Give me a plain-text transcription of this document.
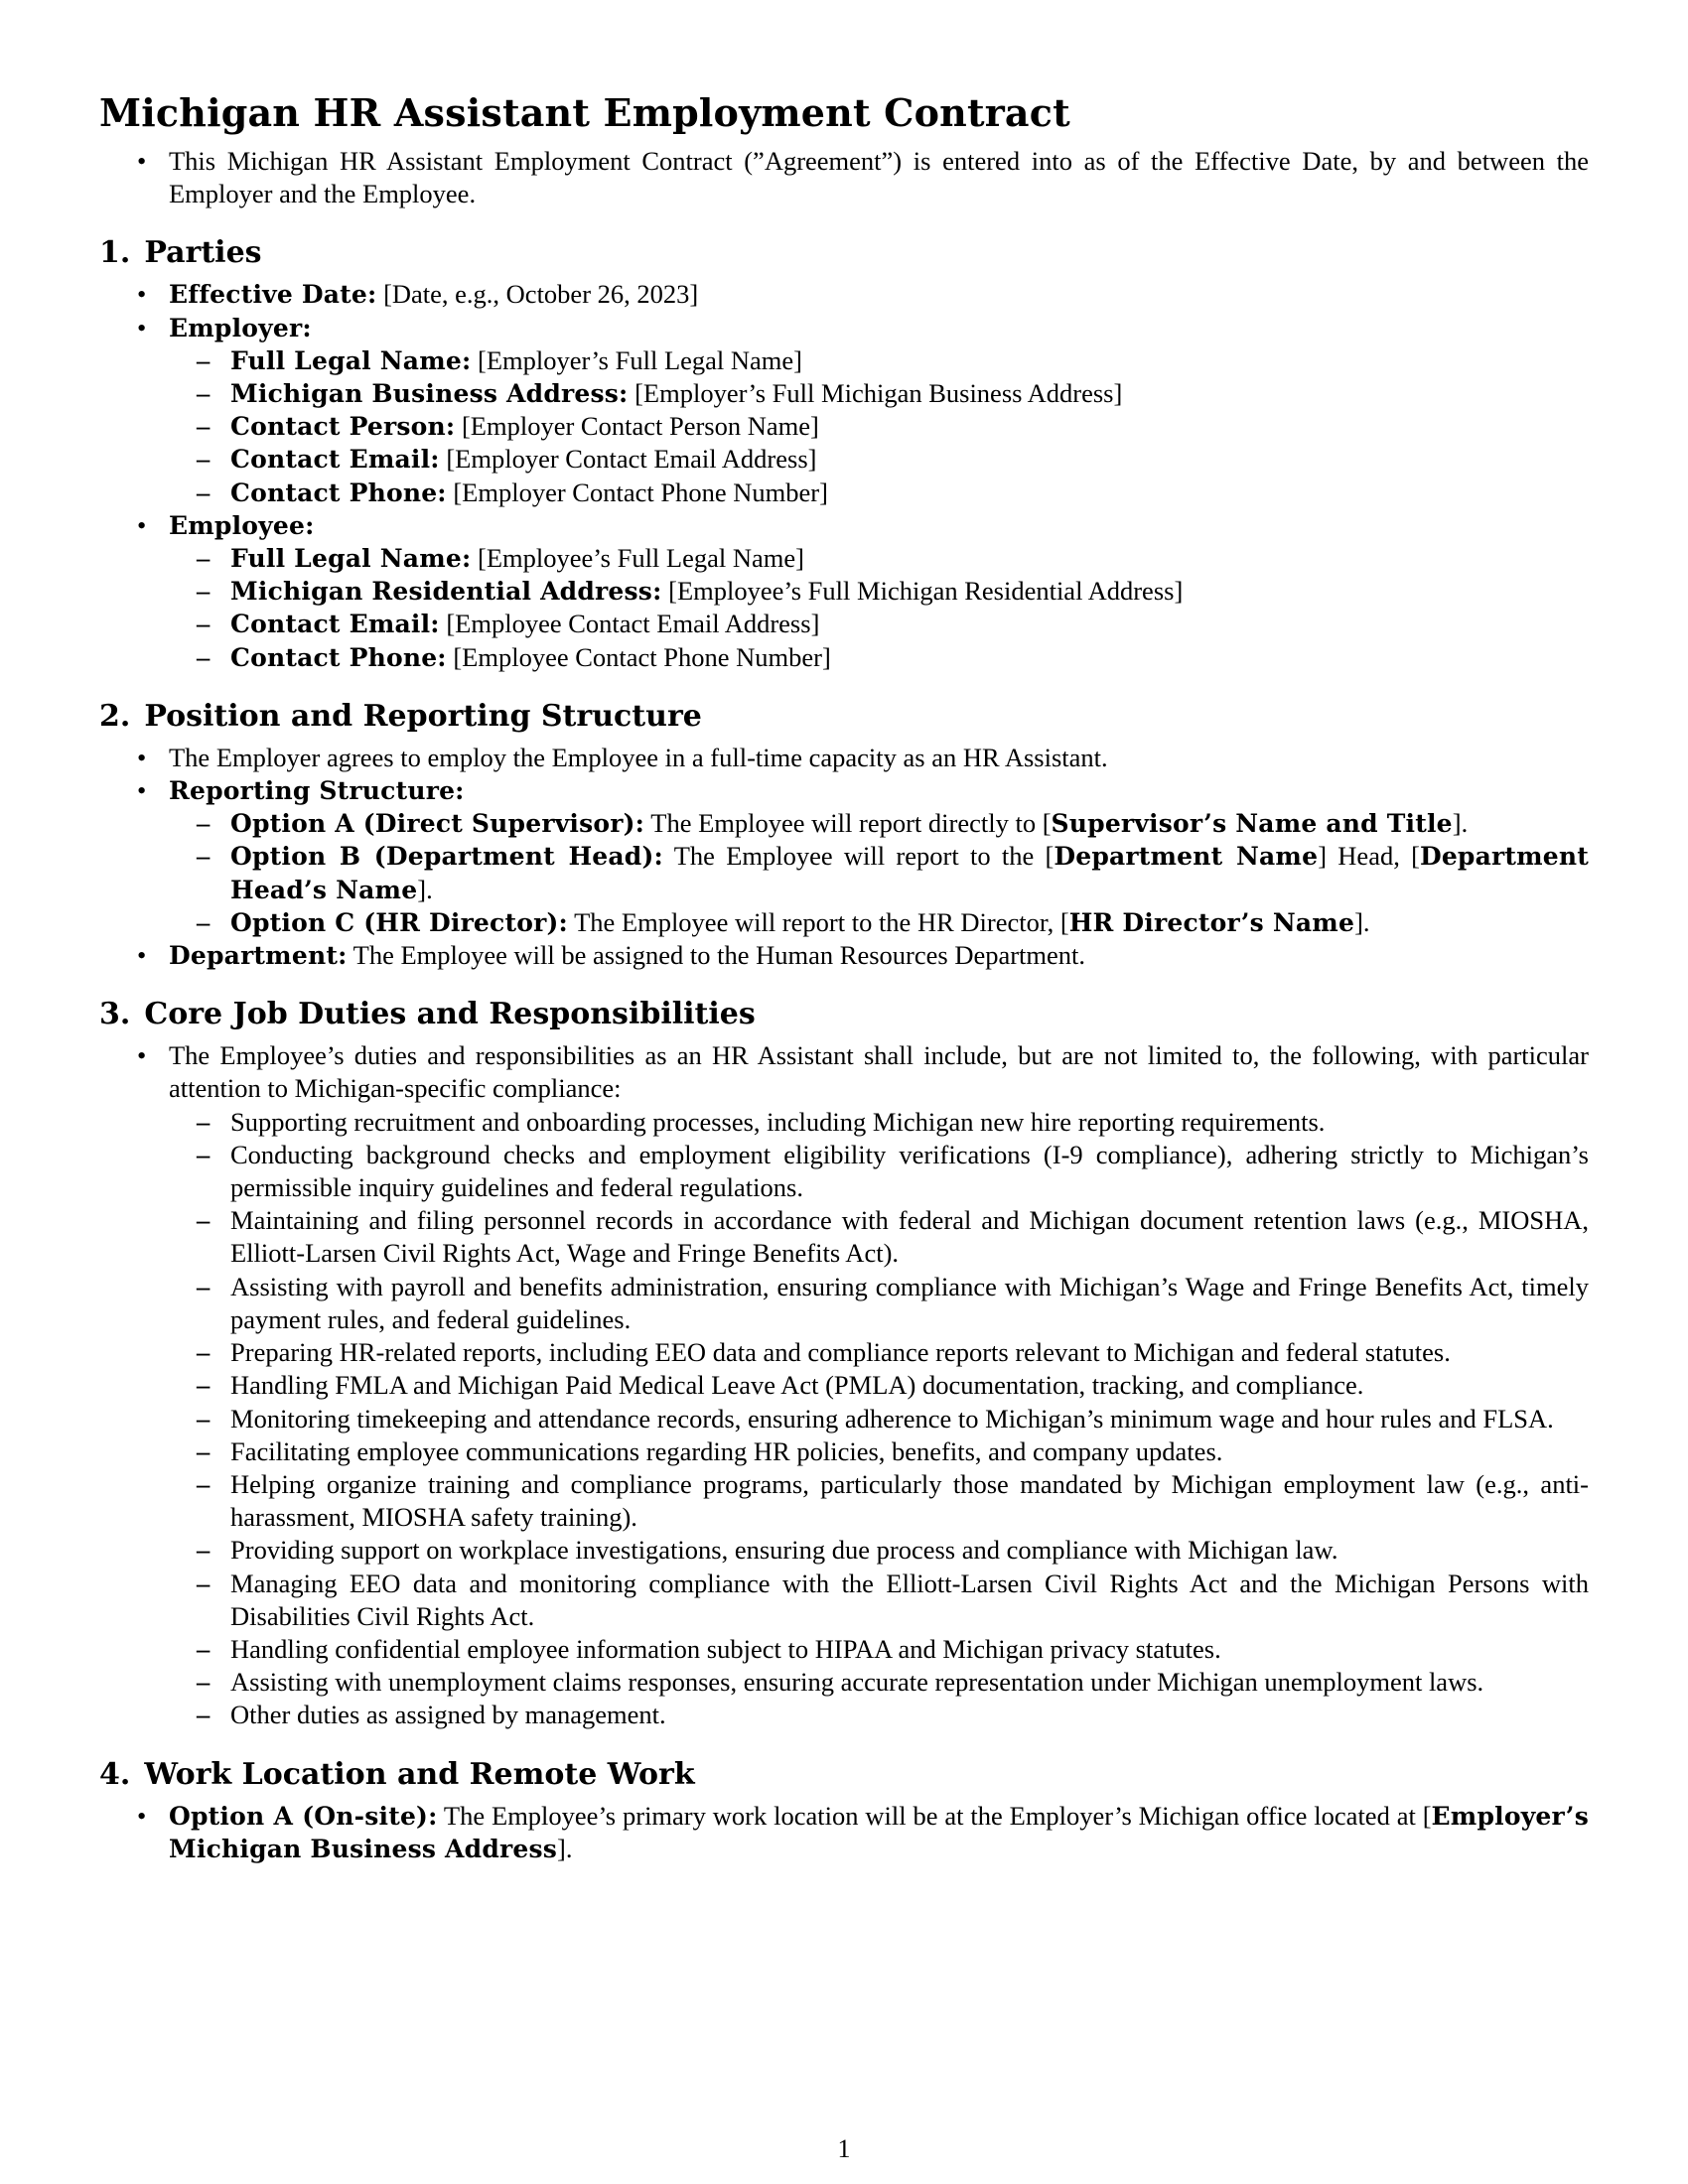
Michigan HR Assistant Employment Contract
• This Michigan HR Assistant Employment Contract (”Agreement”) is entered into as of the Effective Date, by and between the Employer and the Employee.
1. Parties
• Effective Date: [Date, e.g., October 26, 2023]
• Employer:
– Full Legal Name: [Employer’s Full Legal Name]
– Michigan Business Address: [Employer’s Full Michigan Business Address]
– Contact Person: [Employer Contact Person Name]
– Contact Email: [Employer Contact Email Address]
– Contact Phone: [Employer Contact Phone Number]
• Employee:
– Full Legal Name: [Employee’s Full Legal Name]
– Michigan Residential Address: [Employee’s Full Michigan Residential Address]
– Contact Email: [Employee Contact Email Address]
– Contact Phone: [Employee Contact Phone Number]
2. Position and Reporting Structure
• The Employer agrees to employ the Employee in a full-time capacity as an HR Assistant.
• Reporting Structure:
– Option A (Direct Supervisor): The Employee will report directly to [Supervisor’s Name and Title].
– Option B (Department Head): The Employee will report to the [Department Name] Head, [Department Head’s Name].
– Option C (HR Director): The Employee will report to the HR Director, [HR Director’s Name].
• Department: The Employee will be assigned to the Human Resources Department.
3. Core Job Duties and Responsibilities
• The Employee’s duties and responsibilities as an HR Assistant shall include, but are not limited to, the following, with particular attention to Michigan-specific compliance:
– Supporting recruitment and onboarding processes, including Michigan new hire reporting requirements.
– Conducting background checks and employment eligibility verifications (I-9 compliance), adhering strictly to Michigan’s permissible inquiry guidelines and federal regulations.
– Maintaining and filing personnel records in accordance with federal and Michigan document retention laws (e.g., MIOSHA, Elliott-Larsen Civil Rights Act, Wage and Fringe Benefits Act).
– Assisting with payroll and benefits administration, ensuring compliance with Michigan’s Wage and Fringe Benefits Act, timely payment rules, and federal guidelines.
– Preparing HR-related reports, including EEO data and compliance reports relevant to Michigan and federal statutes.
– Handling FMLA and Michigan Paid Medical Leave Act (PMLA) documentation, tracking, and compliance.
– Monitoring timekeeping and attendance records, ensuring adherence to Michigan’s minimum wage and hour rules and FLSA.
– Facilitating employee communications regarding HR policies, benefits, and company updates.
– Helping organize training and compliance programs, particularly those mandated by Michigan employment law (e.g., anti-harassment, MIOSHA safety training).
– Providing support on workplace investigations, ensuring due process and compliance with Michigan law.
– Managing EEO data and monitoring compliance with the Elliott-Larsen Civil Rights Act and the Michigan Persons with Disabilities Civil Rights Act.
– Handling confidential employee information subject to HIPAA and Michigan privacy statutes.
– Assisting with unemployment claims responses, ensuring accurate representation under Michigan unemployment laws.
– Other duties as assigned by management.
4. Work Location and Remote Work
• Option A (On-site): The Employee’s primary work location will be at the Employer’s Michigan office located at [Employer’s Michigan Business Address].
1
